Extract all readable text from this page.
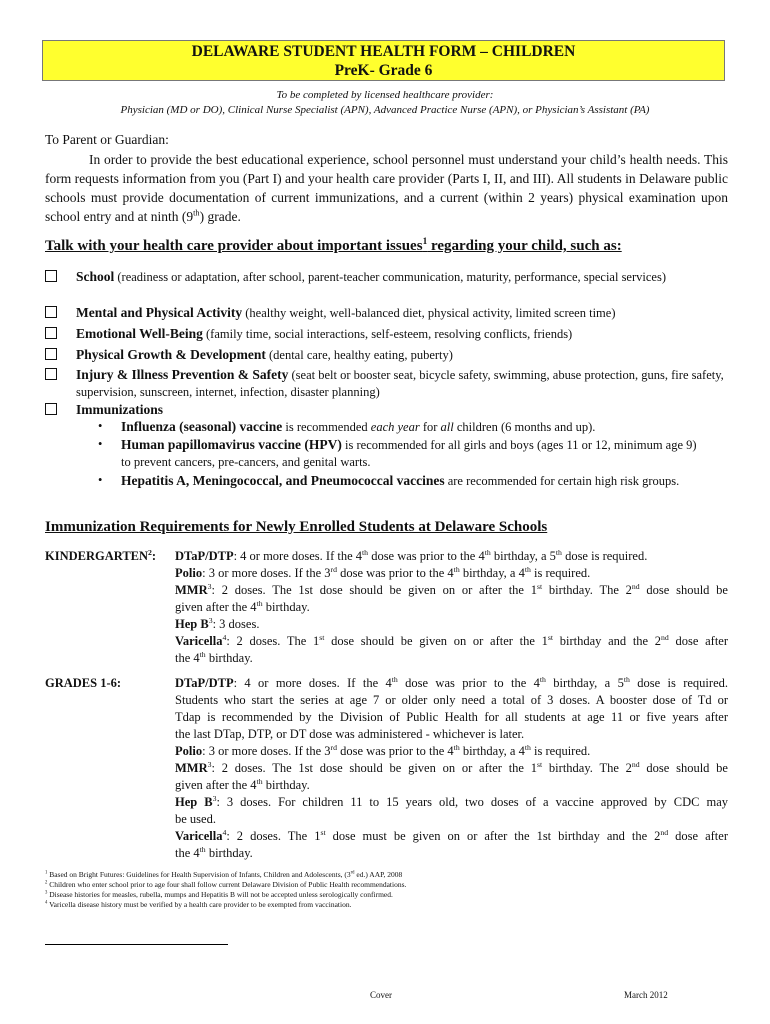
DELAWARE STUDENT HEALTH FORM – CHILDREN
PreK- Grade 6
To be completed by licensed healthcare provider:
Physician (MD or DO), Clinical Nurse Specialist (APN), Advanced Practice Nurse (APN), or Physician’s Assistant (PA)
To Parent or Guardian:
In order to provide the best educational experience, school personnel must understand your child’s health needs. This form requests information from you (Part I) and your health care provider (Parts I, II, and III). All students in Delaware public schools must provide documentation of current immunizations, and a current (within 2 years) physical examination upon school entry and at ninth (9th) grade.
Talk with your health care provider about important issues$^1$ regarding your child, such as:
School (readiness or adaptation, after school, parent-teacher communication, maturity, performance, special services)
Mental and Physical Activity (healthy weight, well-balanced diet, physical activity, limited screen time)
Emotional Well-Being (family time, social interactions, self-esteem, resolving conflicts, friends)
Physical Growth & Development (dental care, healthy eating, puberty)
Injury & Illness Prevention & Safety (seat belt or booster seat, bicycle safety, swimming, abuse protection, guns, fire safety, supervision, sunscreen, internet, infection, disaster planning)
Immunizations
• Influenza (seasonal) vaccine is recommended each year for all children (6 months and up).
• Human papillomavirus vaccine (HPV) is recommended for all girls and boys (ages 11 or 12, minimum age 9) to prevent cancers, pre-cancers, and genital warts.
• Hepatitis A, Meningococcal, and Pneumococcal vaccines are recommended for certain high risk groups.
Immunization Requirements for Newly Enrolled Students at Delaware Schools
KINDERGARTEN$^2$: DTaP/DTP: 4 or more doses. If the 4th dose was prior to the 4th birthday, a 5th dose is required.
Polio: 3 or more doses. If the 3rd dose was prior to the 4th birthday, a 4th is required.
MMR$^3$: 2 doses. The 1st dose should be given on or after the 1st birthday. The 2nd dose should be
given after the 4th birthday.
Hep $B^3$: 3 doses.
Varicella$^4$: 2 doses. The 1st dose should be given on or after the 1st birthday and the 2nd dose after
the 4th birthday.
GRADES 1-6:	DTaP/DTP: 4 or more doses. If the 4th dose was prior to the 4th birthday, a 5th dose is required.
Students who start the series at age 7 or older only need a total of 3 doses. A booster dose of Td or
Tdap is recommended by the Division of Public Health for all students at age 11 or five years after
the last DTap, DTP, or DT dose was administered - whichever is later.
Polio: 3 or more doses. If the 3rd dose was prior to the 4th birthday, a 4th is required.
MMR$^3$: 2 doses. The 1st dose should be given on or after the 1st birthday. The 2nd dose should be
given after the 4th birthday.
Hep $B^3$: 3 doses. For children 11 to 15 years old, two doses of a vaccine approved by CDC may
be used.
Varicella$^4$: 2 doses. The 1st dose must be given on or after the 1st birthday and the 2nd dose after
the 4th birthday.
$^1$ Based on Bright Futures: Guidelines for Health Supervision of Infants, Children and Adolescents, (3rd ed.) AAP, 2008
$^2$ Children who enter school prior to age four shall follow current Delaware Division of Public Health recommendations.
$^3$ Disease histories for measles, rubella, mumps and Hepatitis B will not be accepted unless serologically confirmed.
$^4$ Varicella disease history must be verified by a health care provider to be exempted from vaccination.
Cover	March 2012
